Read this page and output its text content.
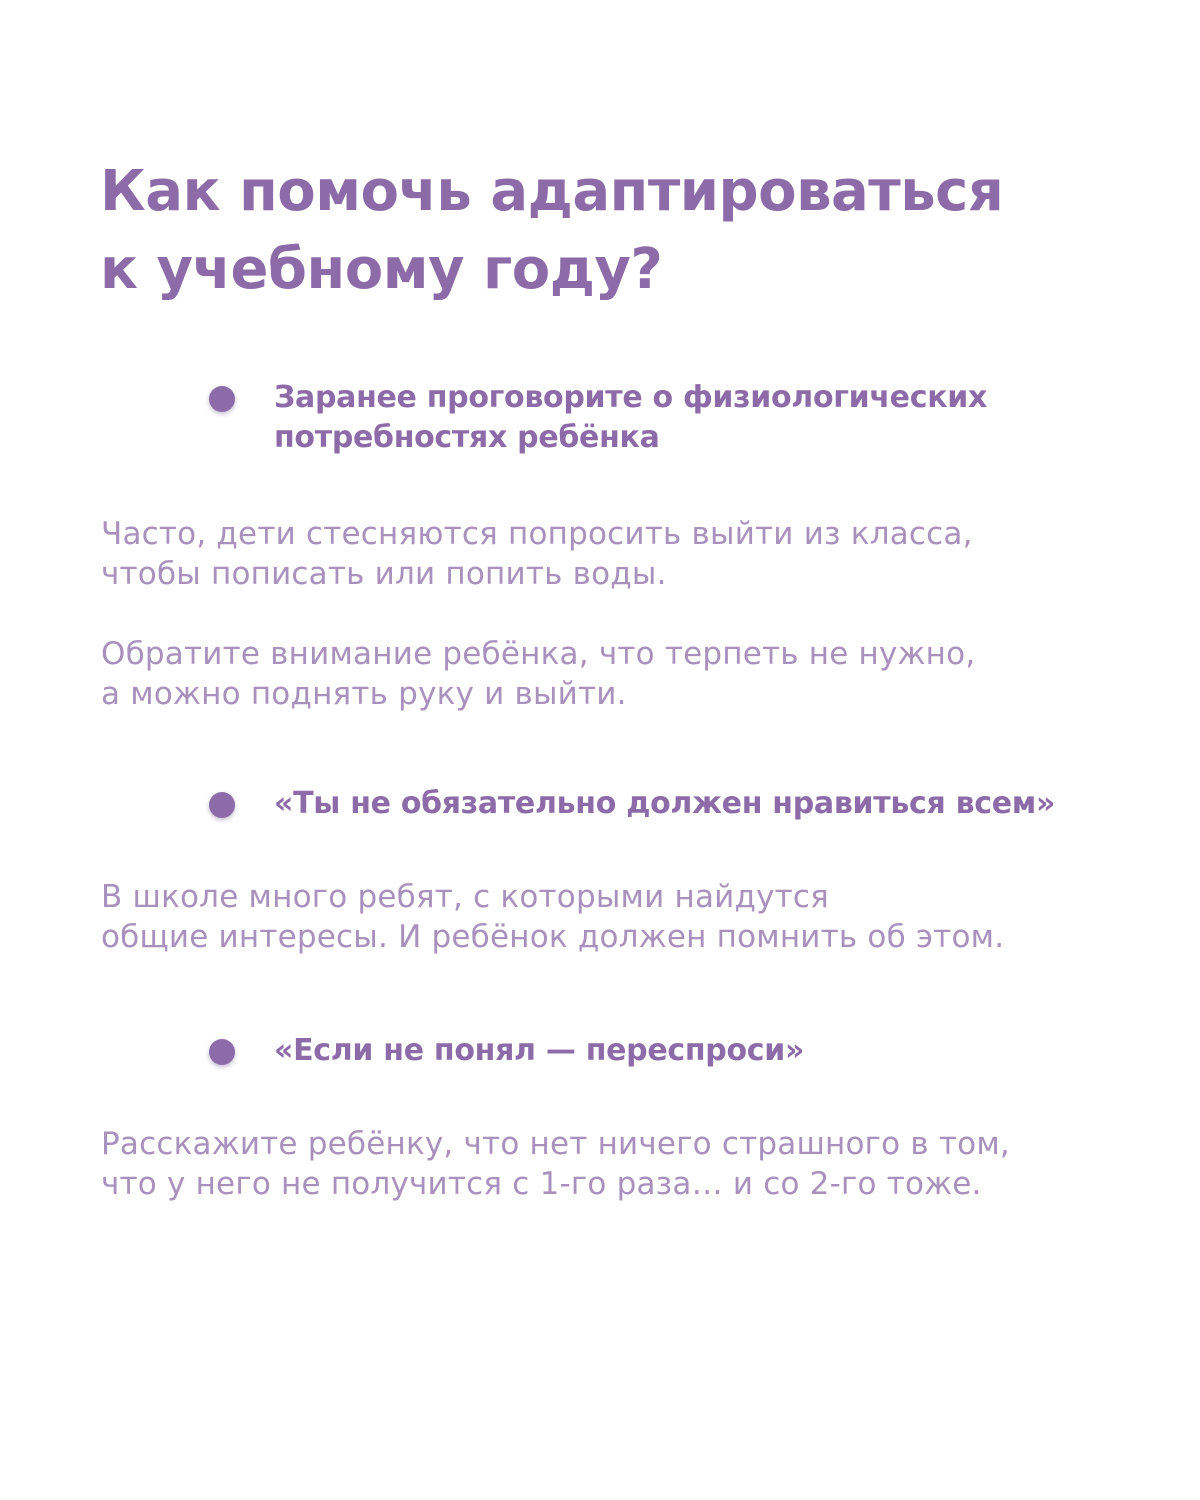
Как помочь адаптироваться
к учебному году?

Заранее проговорите о физиологических
потребностях ребёнка

Часто, дети стесняются попросить выйти из класса,
чтобы пописать или попить воды.

Обратите внимание ребёнка, что терпеть не нужно,
а можно поднять руку и выйти.

«Ты не обязательно должен нравиться всем»

В школе много ребят, с которыми найдутся
общие интересы. И ребёнок должен помнить об этом.

«Если не понял — переспроси»

Расскажите ребёнку, что нет ничего страшного в том,
что у него не получится с 1-го раза… и со 2-го тоже.
